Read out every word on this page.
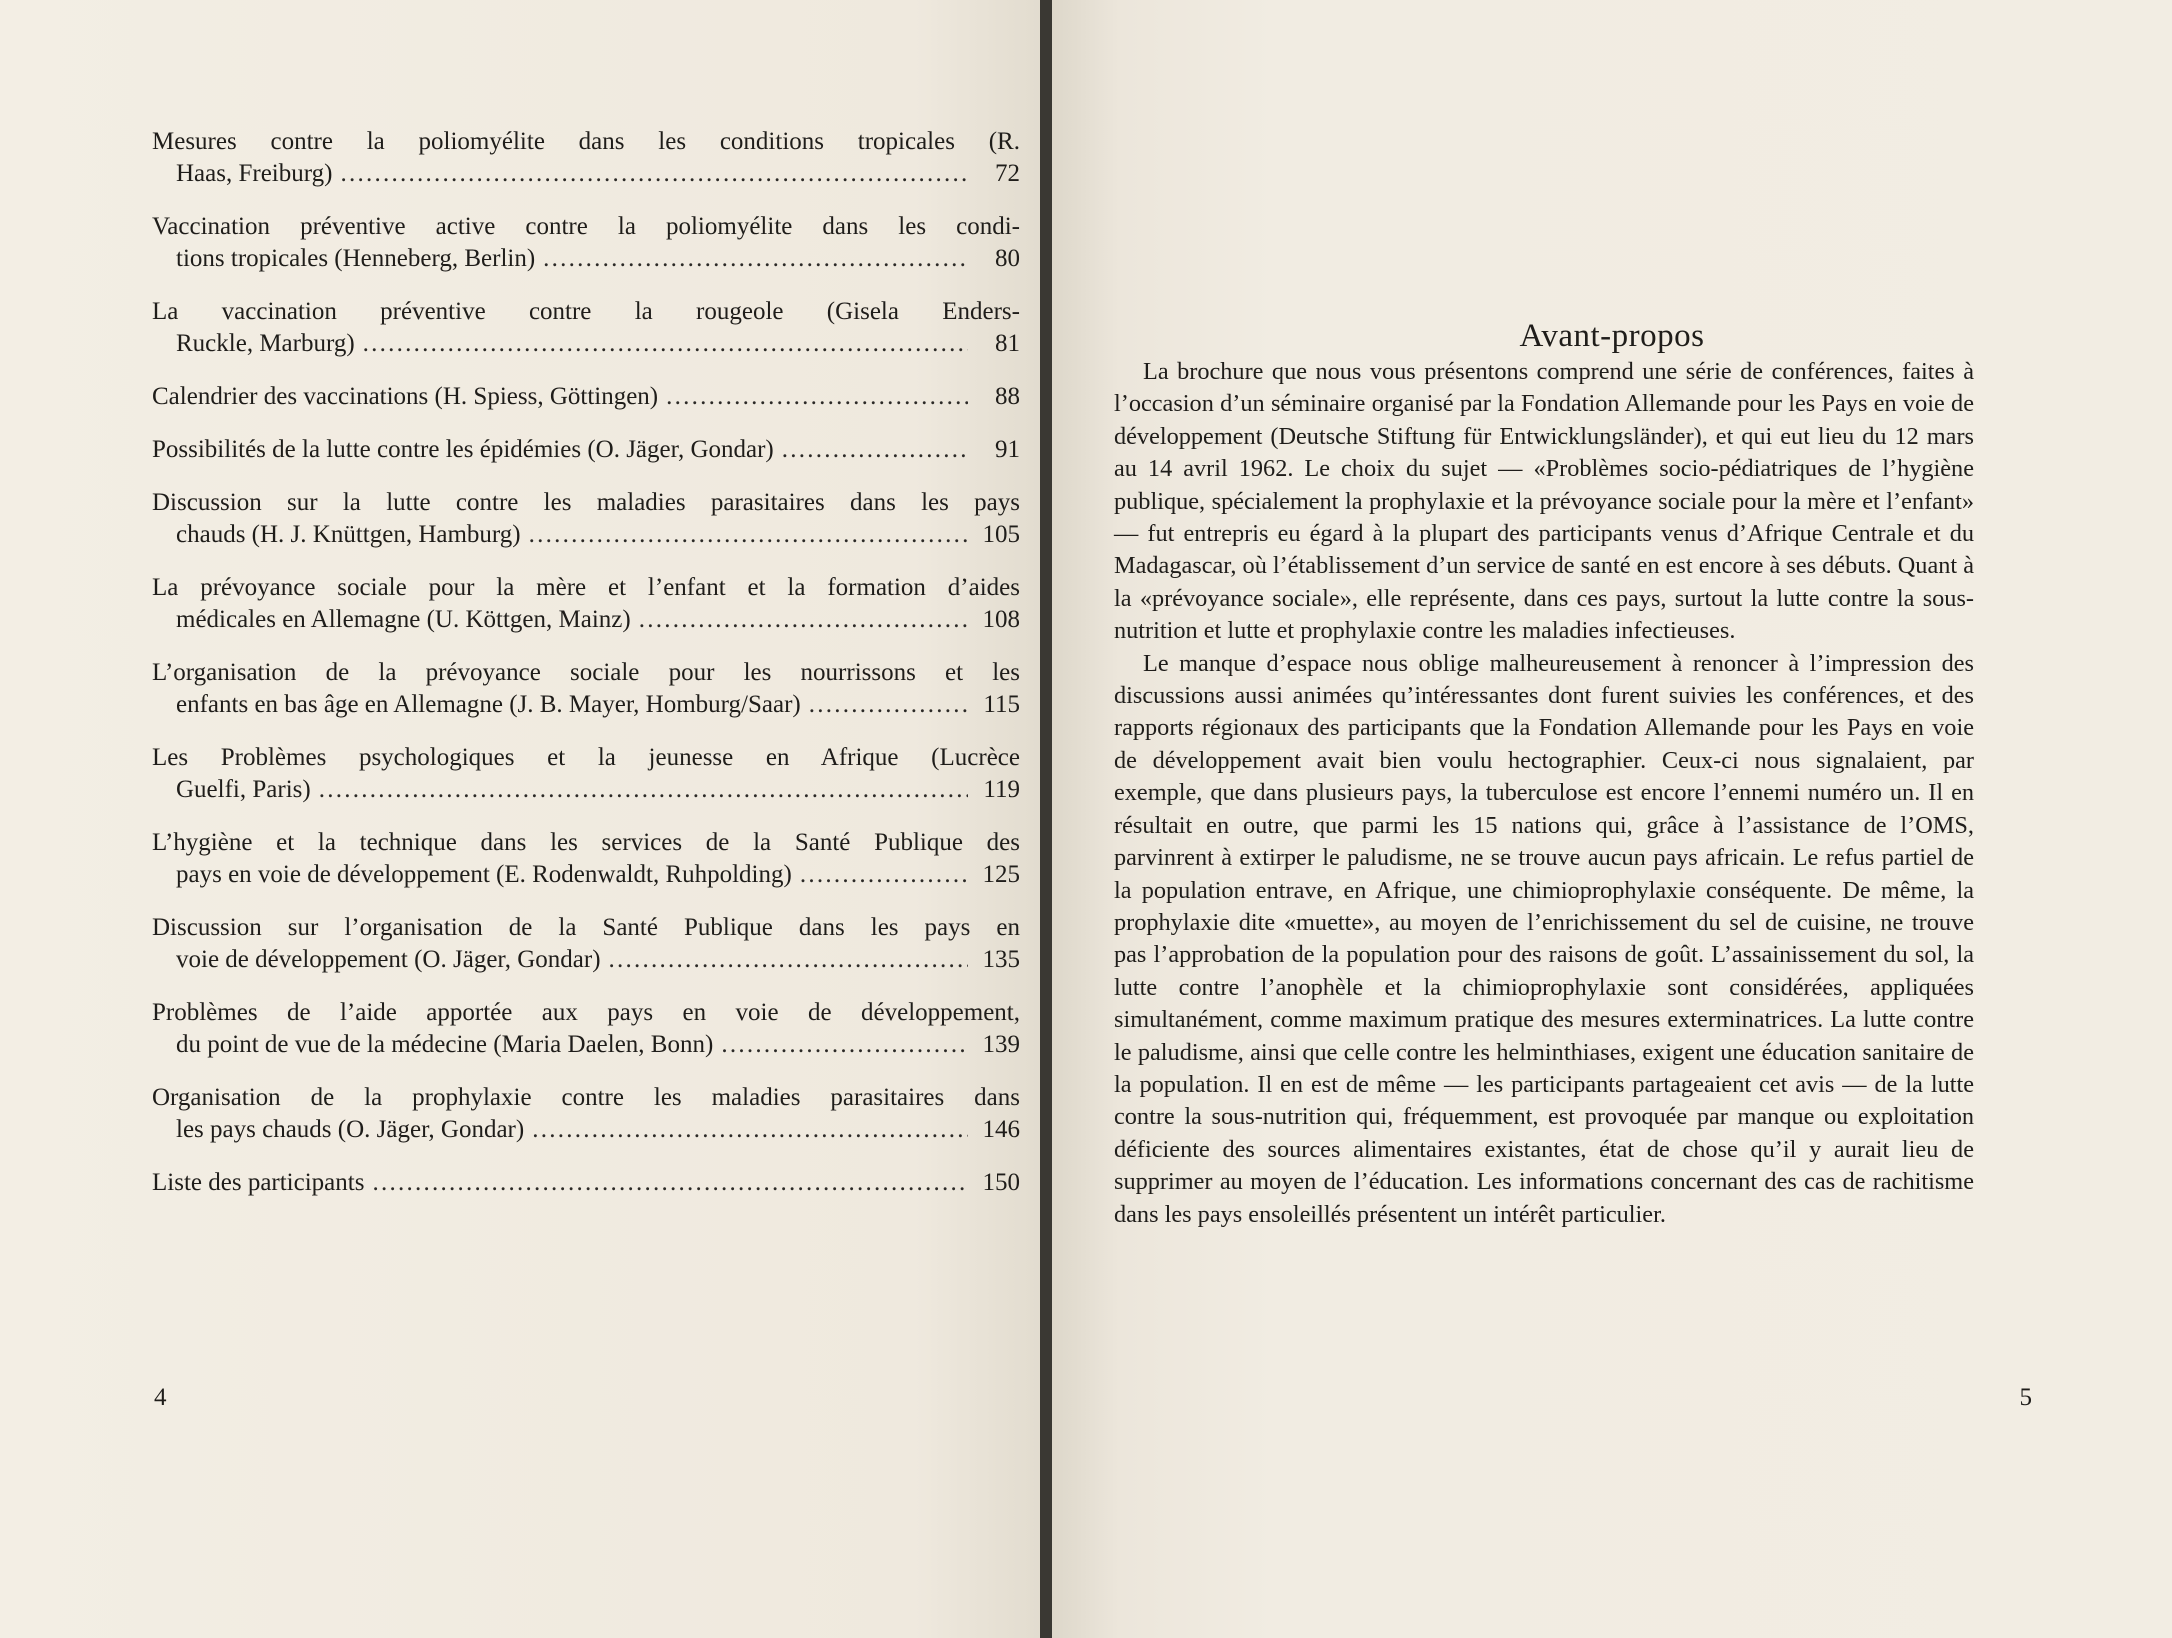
Mesures contre la poliomyélite dans les conditions tropicales (R.
Haas, Freiburg) . . .	72
Vaccination préventive active contre la poliomyélite dans les condi-
tions tropicales (Henneberg, Berlin) . . .	80
La vaccination préventive contre la rougeole (Gisela Enders-
Ruckle, Marburg) . . .	81
Calendrier des vaccinations (H. Spiess, Göttingen) . . .	88
Possibilités de la lutte contre les épidémies (O. Jäger, Gondar) . . .	91
Discussion sur la lutte contre les maladies parasitaires dans les pays
chauds (H. J. Knüttgen, Hamburg) . . .	105
La prévoyance sociale pour la mère et l’enfant et la formation d’aides
médicales en Allemagne (U. Köttgen, Mainz) . . .	108
L’organisation de la prévoyance sociale pour les nourrissons et les
enfants en bas âge en Allemagne (J. B. Mayer, Homburg/Saar) . . .	115
Les Problèmes psychologiques et la jeunesse en Afrique (Lucrèce
Guelfi, Paris) . . .	119
L’hygiène et la technique dans les services de la Santé Publique des
pays en voie de développement (E. Rodenwaldt, Ruhpolding) . . .	125
Discussion sur l’organisation de la Santé Publique dans les pays en
voie de développement (O. Jäger, Gondar) . . .	135
Problèmes de l’aide apportée aux pays en voie de développement,
du point de vue de la médecine (Maria Daelen, Bonn) . . .	139
Organisation de la prophylaxie contre les maladies parasitaires dans
les pays chauds (O. Jäger, Gondar) . . .	146
Liste des participants . . .	150
4
Avant-propos
5

La brochure que nous vous présentons comprend une série de conférences, faites à l’occasion d’un séminaire organisé par la Fondation Allemande pour les Pays en voie de développement (Deutsche Stiftung für Entwicklungsländer), et qui eut lieu du 12 mars au 14 avril 1962. Le choix du sujet — «Problèmes socio-pédiatriques de l’hygiène publique, spécialement la prophylaxie et la prévoyance sociale pour la mère et l’enfant» — fut entrepris eu égard à la plupart des participants venus d’Afrique Centrale et du Madagascar, où l’établissement d’un service de santé en est encore à ses débuts. Quant à la «prévoyance sociale», elle représente, dans ces pays, surtout la lutte contre la sous-nutrition et lutte et prophylaxie contre les maladies infectieuses.

Le manque d’espace nous oblige malheureusement à renoncer à l’impression des discussions aussi animées qu’intéressantes dont furent suivies les conférences, et des rapports régionaux des participants que la Fondation Allemande pour les Pays en voie de développement avait bien voulu hectographier. Ceux-ci nous signalaient, par exemple, que dans plusieurs pays, la tuberculose est encore l’ennemi numéro un. Il en résultait en outre, que parmi les 15 nations qui, grâce à l’assistance de l’OMS, parvinrent à extirper le paludisme, ne se trouve aucun pays africain. Le refus partiel de la population entrave, en Afrique, une chimioprophylaxie conséquente. De même, la prophylaxie dite «muette», au moyen de l’enrichissement du sel de cuisine, ne trouve pas l’approbation de la population pour des raisons de goût. L’assainissement du sol, la lutte contre l’anophèle et la chimioprophylaxie sont considérées, appliquées simultanément, comme maximum pratique des mesures exterminatrices. La lutte contre le paludisme, ainsi que celle contre les helminthiases, exigent une éducation sanitaire de la population. Il en est de même — les participants partageaient cet avis — de la lutte contre la sous-nutrition qui, fréquemment, est provoquée par manque ou exploitation déficiente des sources alimentaires existantes, état de chose qu’il y aurait lieu de supprimer au moyen de l’éducation. Les informations concernant des cas de rachitisme dans les pays ensoleillés présentent un intérêt particulier.
